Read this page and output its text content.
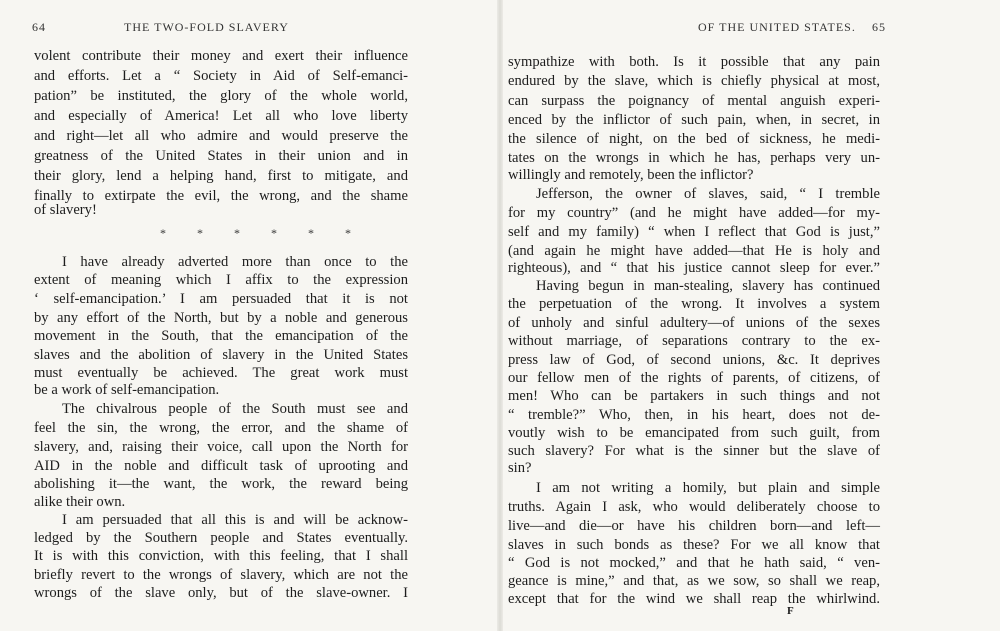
64	THE TWO-FOLD SLAVERY
volent contribute their money and exert their influence
and efforts. Let a “ Society in Aid of Self-emanci-
pation” be instituted, the glory of the whole world,
and especially of America! Let all who love liberty
and right—let all who admire and would preserve the
greatness of the United States in their union and in
their glory, lend a helping hand, first to mitigate, and
finally to extirpate the evil, the wrong, and the shame
of slavery!
* * * * * *
I have already adverted more than once to the
extent of meaning which I affix to the expression
‘ self-emancipation.’ I am persuaded that it is not
by any effort of the North, but by a noble and generous
movement in the South, that the emancipation of the
slaves and the abolition of slavery in the United States
must eventually be achieved. The great work must
be a work of self-emancipation.
The chivalrous people of the South must see and
feel the sin, the wrong, the error, and the shame of
slavery, and, raising their voice, call upon the North for
AID in the noble and difficult task of uprooting and
abolishing it—the want, the work, the reward being
alike their own.
I am persuaded that all this is and will be acknow-
ledged by the Southern people and States eventually.
It is with this conviction, with this feeling, that I shall
briefly revert to the wrongs of slavery, which are not the
wrongs of the slave only, but of the slave-owner. I
OF THE UNITED STATES. 65
sympathize with both. Is it possible that any pain
endured by the slave, which is chiefly physical at most,
can surpass the poignancy of mental anguish experi-
enced by the inflictor of such pain, when, in secret, in
the silence of night, on the bed of sickness, he medi-
tates on the wrongs in which he has, perhaps very un-
willingly and remotely, been the inflictor?
Jefferson, the owner of slaves, said, “ I tremble
for my country” (and he might have added—for my-
self and my family) “ when I reflect that God is just,”
(and again he might have added—that He is holy and
righteous), and “ that his justice cannot sleep for ever.”
Having begun in man-stealing, slavery has continued
the perpetuation of the wrong. It involves a system
of unholy and sinful adultery—of unions of the sexes
without marriage, of separations contrary to the ex-
press law of God, of second unions, &c. It deprives
our fellow men of the rights of parents, of citizens, of
men! Who can be partakers in such things and not
“ tremble?” Who, then, in his heart, does not de-
voutly wish to be emancipated from such guilt, from
such slavery? For what is the sinner but the slave of
sin?
I am not writing a homily, but plain and simple
truths. Again I ask, who would deliberately choose to
live—and die—or have his children born—and left—
slaves in such bonds as these? For we all know that
“ God is not mocked,” and that he hath said, “ ven-
geance is mine,” and that, as we sow, so shall we reap,
except that for the wind we shall reap the whirlwind.
F
